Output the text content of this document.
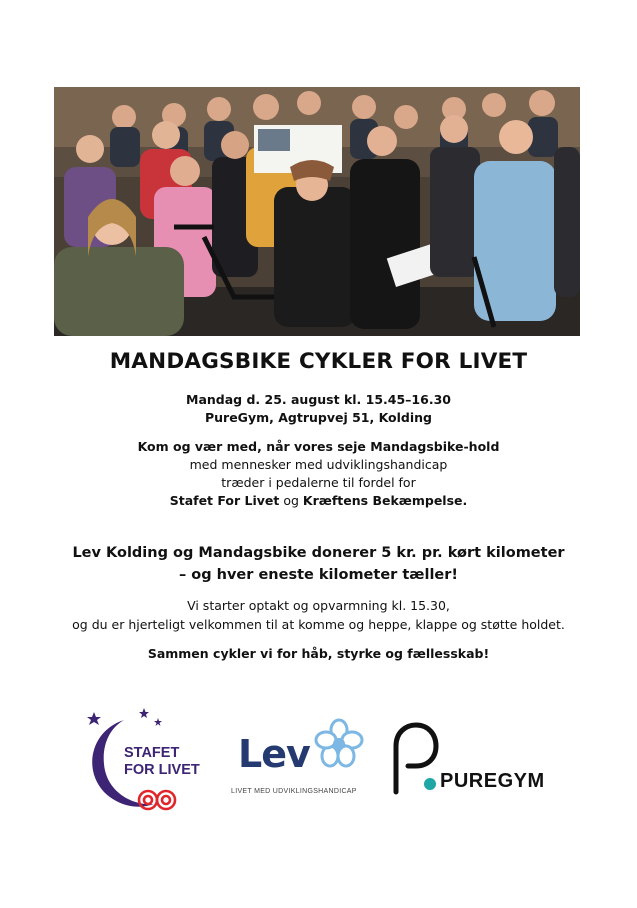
MANDAGSBIKE CYKLER FOR LIVET
Mandag d. 25. august kl. 15.45–16.30
PureGym, Agtrupvej 51, Kolding
Kom og vær med, når vores seje Mandagsbike-hold
med mennesker med udviklingshandicap
træder i pedalerne til fordel for
Stafet For Livet og Kræftens Bekæmpelse.
Lev Kolding og Mandagsbike donerer 5 kr. pr. kørt kilometer
– og hver eneste kilometer tæller!
Vi starter optakt og opvarmning kl. 15.30,
og du er hjerteligt velkommen til at komme og heppe, klappe og støtte holdet.
Sammen cykler vi for håb, styrke og fællesskab!
STAFET
FOR LIVET Lev
LIVET MED UDVIKLINGSHANDICAP	PUREGYM
